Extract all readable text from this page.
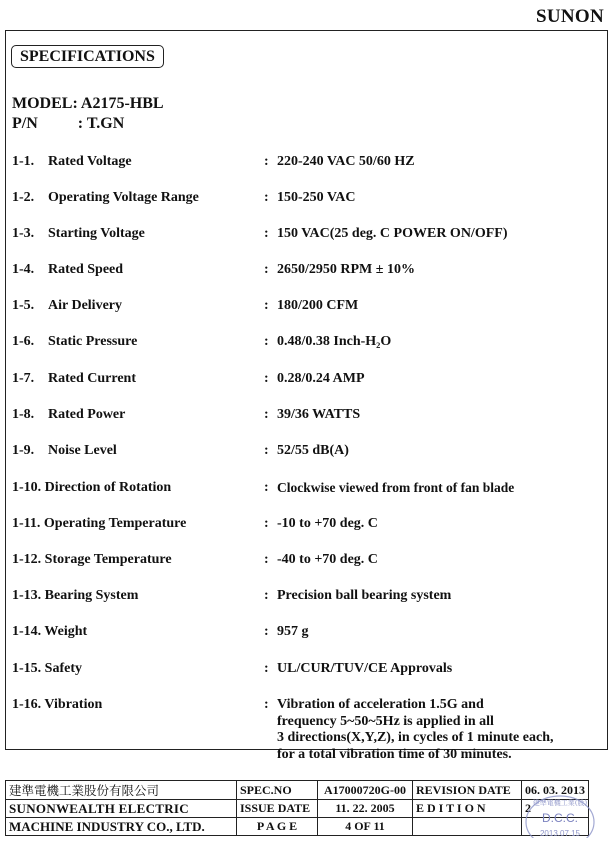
SUNON
SPECIFICATIONS
MODEL: A2175-HBL
P/N	: T.GN
1-1. Rated Voltage	: 220-240 VAC 50/60 HZ
1-2. Operating Voltage Range	: 150-250 VAC
1-3. Starting Voltage	: 150 VAC(25 deg. C POWER ON/OFF)
1-4. Rated Speed	: 2650/2950 RPM ± 10%
1-5. Air Delivery	: 180/200 CFM
1-6. Static Pressure	: 0.48/0.38 Inch-H₂O
1-7. Rated Current	: 0.28/0.24 AMP
1-8. Rated Power	: 39/36 WATTS
1-9. Noise Level	: 52/55 dB(A)
1-10. Direction of Rotation	: Clockwise viewed from front of fan blade
1-11. Operating Temperature	: -10 to +70 deg. C
1-12. Storage Temperature	: -40 to +70 deg. C
1-13. Bearing System	: Precision ball bearing system
1-14. Weight	: 957 g
1-15. Safety	: UL/CUR/TUV/CE Approvals
1-16. Vibration	: Vibration of acceleration 1.5G and
frequency 5~50~5Hz is applied in all
3 directions(X,Y,Z), in cycles of 1 minute each,
for a total vibration time of 30 minutes.
建準電機工業股份有限公司	SPEC.NO	A17000720G-00	REVISION DATE	06. 03. 2013
SUNONWEALTH ELECTRIC	ISSUE DATE	11. 22. 2005	E D I T I O N	2
MACHINE INDUSTRY CO., LTD.	P A G E	4 OF 11		
建準電機工業(股)
D.C.C.
2013.07.15
